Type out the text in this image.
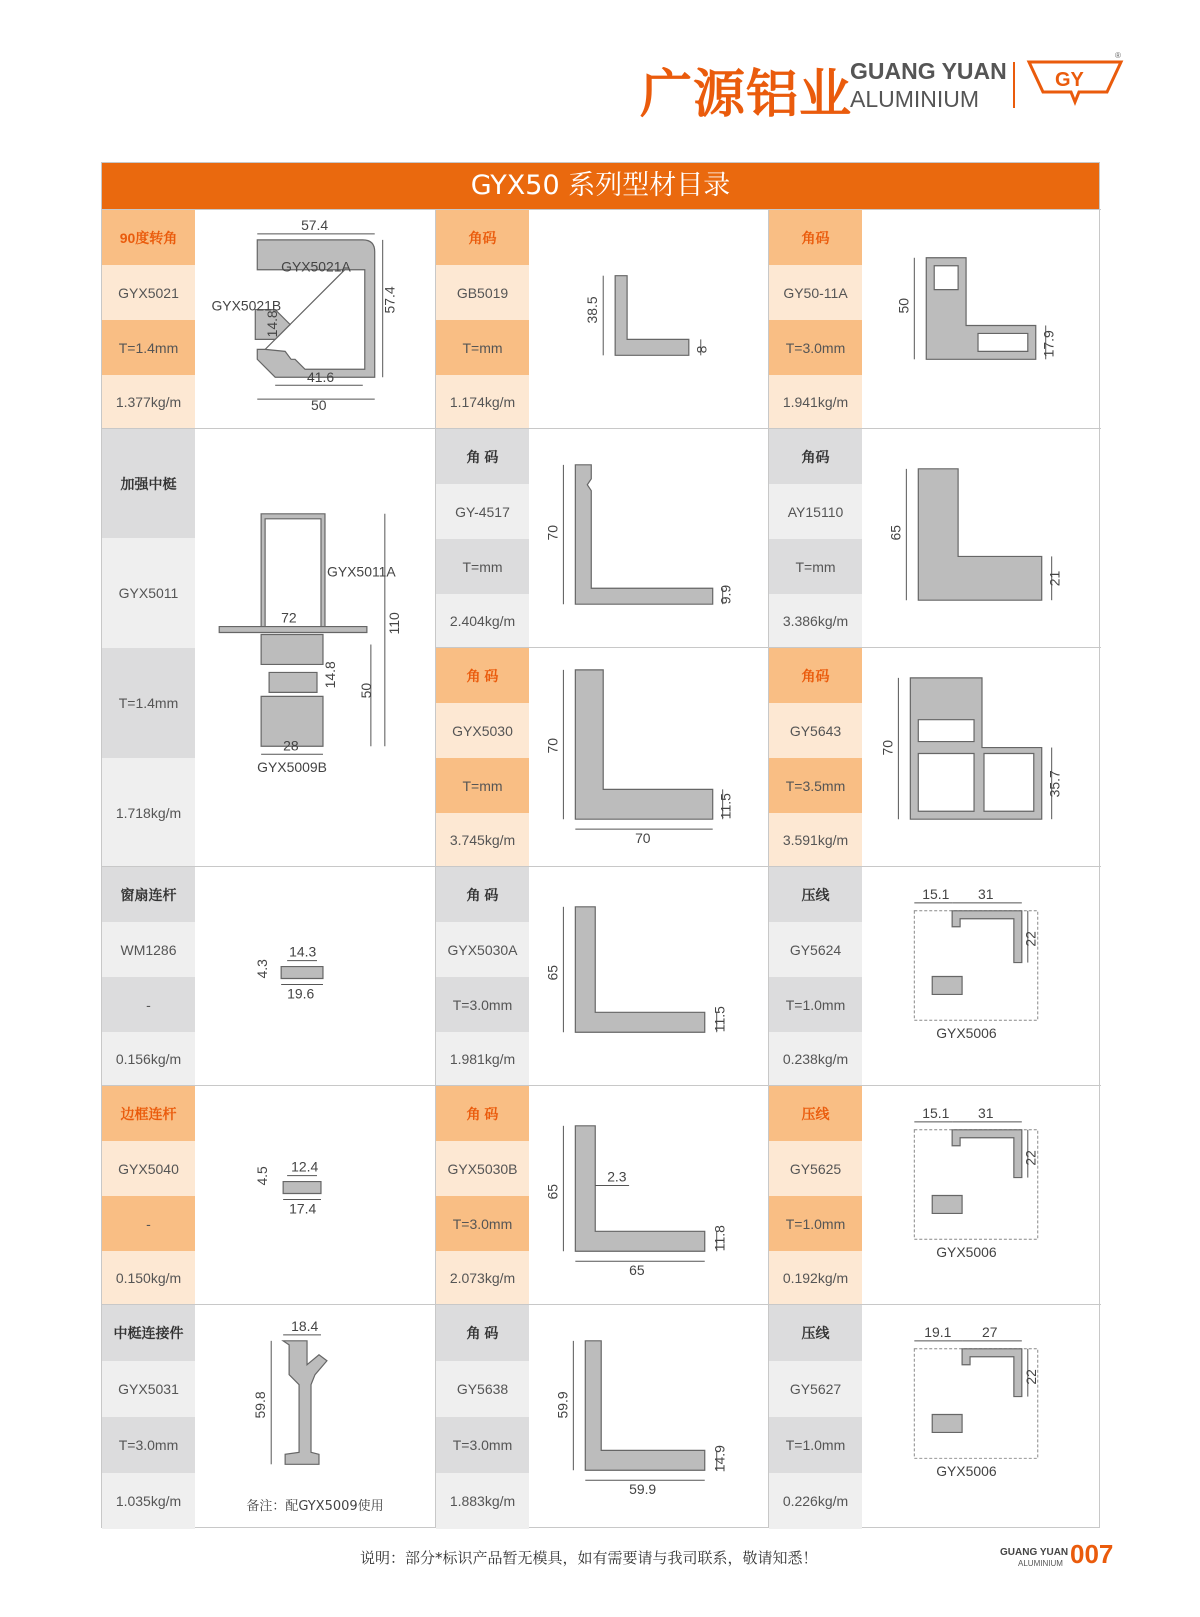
广源铝业
GUANG YUAN
ALUMINIUM
GY
®
GYX50 系列型材目录
90度转角
GYX5021
T=1.4mm
1.377kg/m
57.4
GYX5021A
GYX5021B
14.8
57.4
41.6
50
加强中梃
GYX5011
T=1.4mm
1.718kg/m
GYX5011A
72	110
14.8
50
28
GYX5009B
窗扇连杆
WM1286
-
0.156kg/m
14.3
4.3
19.6
边框连杆
GYX5040
-
0.150kg/m
12.4
4.5
17.4
中梃连接件
GYX5031
T=3.0mm
1.035kg/m
18.4
59.8
备注：配GYX5009使用
角码
GB5019
T=mm
1.174kg/m
38.5
8
角 码
GY-4517
T=mm
2.404kg/m
70
9.9
角 码
GYX5030
T=mm
3.745kg/m
70
11.5
70
角 码
GYX5030A
T=3.0mm
1.981kg/m
65
11.5
角 码
GYX5030B
T=3.0mm
2.073kg/m
65
2.3
11.8
65
角 码
GY5638
T=3.0mm
1.883kg/m
59.9
14.9
59.9
角码
GY50-11A
T=3.0mm
1.941kg/m
50
17.9
角码
AY15110
T=mm
3.386kg/m
65
21
角码
GY5643
T=3.5mm
3.591kg/m
70
35.7
压线
GY5624
T=1.0mm
0.238kg/m
15.1 31
22
GYX5006
压线
GY5625
T=1.0mm
0.192kg/m
15.1 31
22
GYX5006
压线
GY5627
T=1.0mm
0.226kg/m
19.1 27
22
GYX5006
说明：部分*标识产品暂无模具，如有需要请与我司联系，敬请知悉！	GUANG YUAN
ALUMINIUM 007
